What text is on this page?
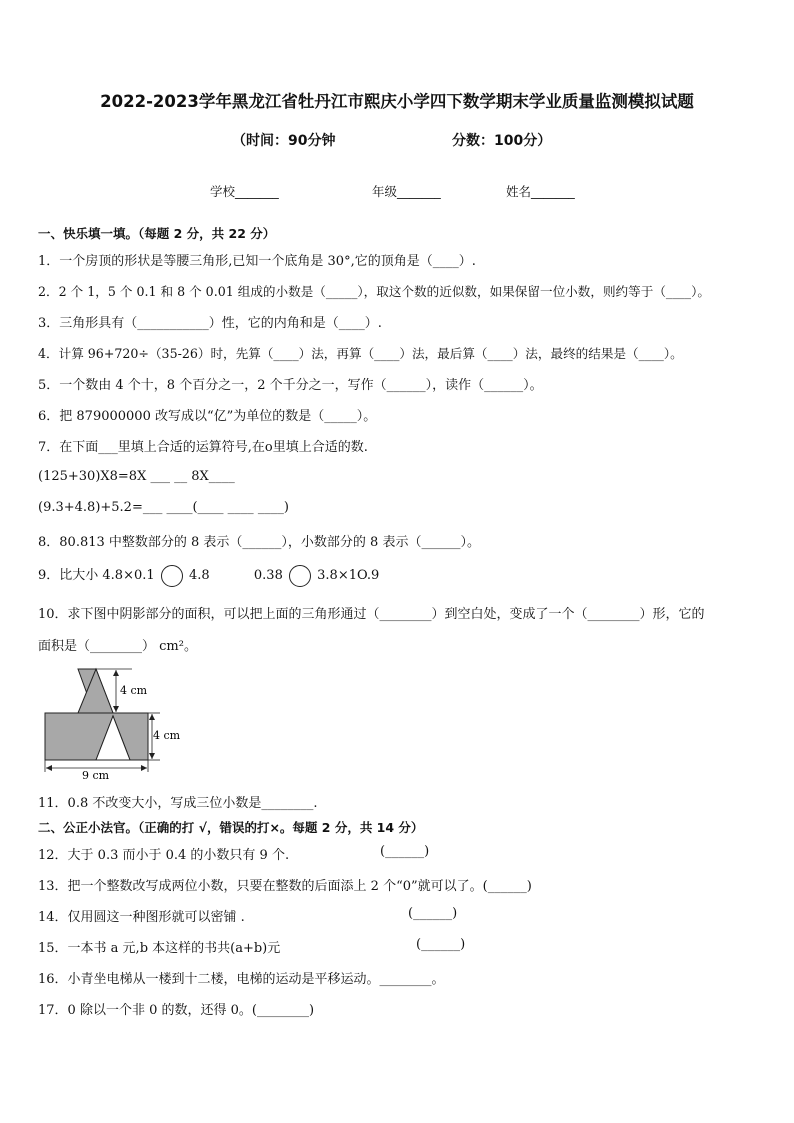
2022-2023学年黑龙江省牡丹江市熙庆小学四下数学期末学业质量监测模拟试题
（时间：90分钟	分数：100分）
学校_______	年级_______	姓名_______
一、快乐填一填。（每题 2 分，共 22 分）
1．一个房顶的形状是等腰三角形,已知一个底角是 30°,它的顶角是（____）.
2．2 个 1，5 个 0.1 和 8 个 0.01 组成的小数是（_____），取这个数的近似数，如果保留一位小数，则约等于（____）。
3．三角形具有（___________）性，它的内角和是（____）.
4．计算 96+720÷（35-26）时，先算（____）法，再算（____）法，最后算（____）法，最终的结果是（____）。
5．一个数由 4 个十，8 个百分之一，2 个千分之一，写作（______），读作（______）。
6．把 879000000 改写成以“亿”为单位的数是（_____）。
7．在下面___里填上合适的运算符号,在o里填上合适的数.
(125+30)X8=8X ___ __ 8X____
(9.3+4.8)+5.2=___ ____(____ ____ ____)
8．80.813 中整数部分的 8 表示（______），小数部分的 8 表示（______）。
9．比大小 4.8×0.1	4.8	0.38	3.8×1O.9
10．求下图中阴影部分的面积，可以把上面的三角形通过（________）到空白处，变成了一个（________）形，它的
面积是（________） cm²。
4 cm
4 cm
9 cm
11．0.8 不改变大小，写成三位小数是________.
二、公正小法官。（正确的打 √，错误的打×。每题 2 分，共 14 分）
12．大于 0.3 而小于 0.4 的小数只有 9 个.	(______)
13．把一个整数改写成两位小数，只要在整数的后面添上 2 个“0”就可以了。(______)
14．仅用圆这一种图形就可以密铺 .	(______)
15．一本书 a 元,b 本这样的书共(a+b)元	(______)
16．小青坐电梯从一楼到十二楼，电梯的运动是平移运动。________。
17．0 除以一个非 0 的数，还得 0。(________)
